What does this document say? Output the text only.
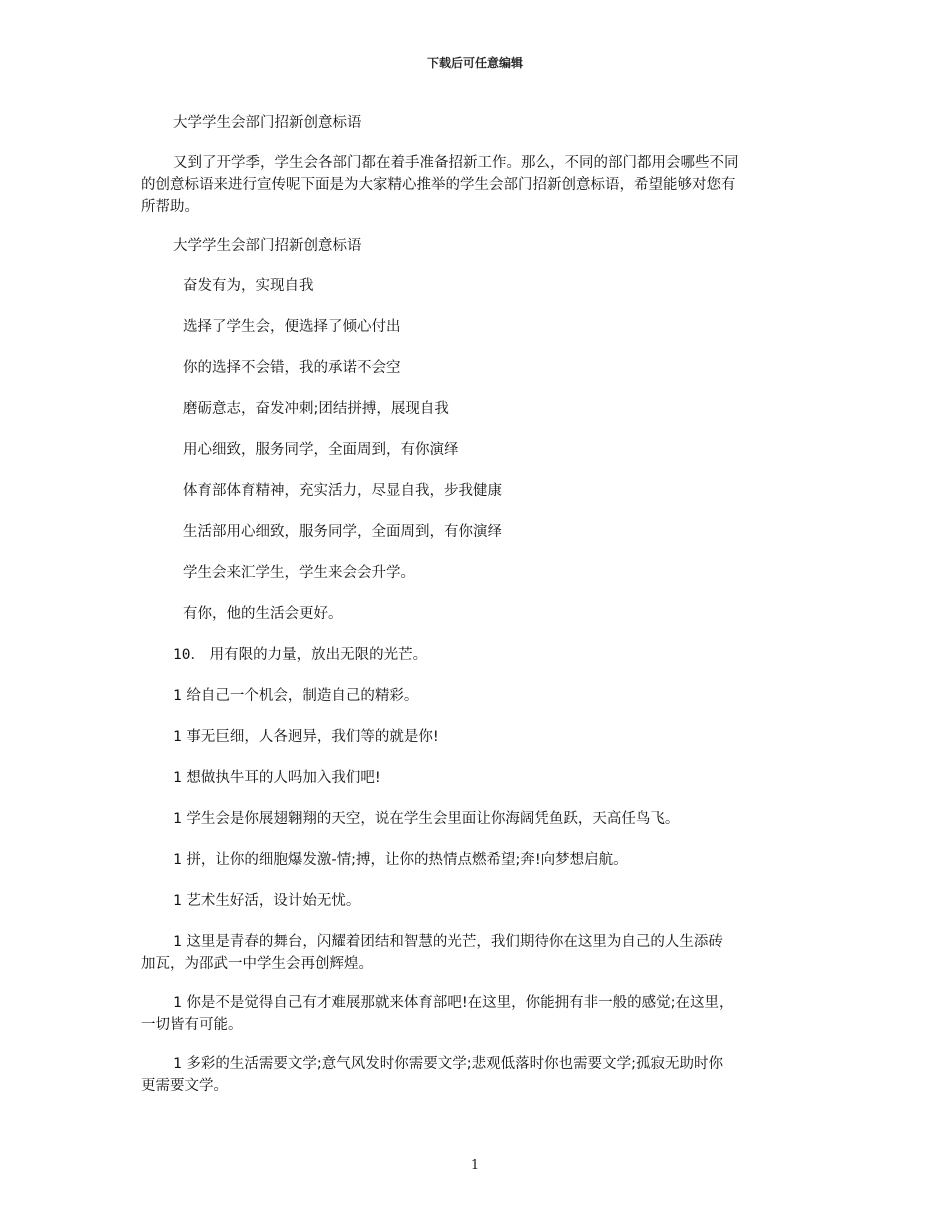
下载后可任意编辑

大学学生会部门招新创意标语

又到了开学季，学生会各部门都在着手准备招新工作。那么，不同的部门都用会哪些不同

的创意标语来进行宣传呢下面是为大家精心推举的学生会部门招新创意标语，希望能够对您有

所帮助。

大学学生会部门招新创意标语

奋发有为，实现自我

选择了学生会，便选择了倾心付出

你的选择不会错，我的承诺不会空

磨砺意志，奋发冲刺;团结拼搏，展现自我

用心细致，服务同学，全面周到，有你演绎

体育部体育精神，充实活力，尽显自我，步我健康

生活部用心细致，服务同学，全面周到，有你演绎

学生会来汇学生，学生来会会升学。

有你，他的生活会更好。

10． 用有限的力量，放出无限的光芒。

1 给自己一个机会，制造自己的精彩。

1 事无巨细，人各迥异，我们等的就是你!

1 想做执牛耳的人吗加入我们吧!

1 学生会是你展翅翱翔的天空，说在学生会里面让你海阔凭鱼跃，天高任鸟飞。

1 拼，让你的细胞爆发激-情;搏，让你的热情点燃希望;奔!向梦想启航。

1 艺术生好活，设计始无忧。

1 这里是青春的舞台，闪耀着团结和智慧的光芒，我们期待你在这里为自己的人生添砖

加瓦，为邵武一中学生会再创辉煌。

1 你是不是觉得自己有才难展那就来体育部吧!在这里，你能拥有非一般的感觉;在这里，

一切皆有可能。

1 多彩的生活需要文学;意气风发时你需要文学;悲观低落时你也需要文学;孤寂无助时你

更需要文学。

1
